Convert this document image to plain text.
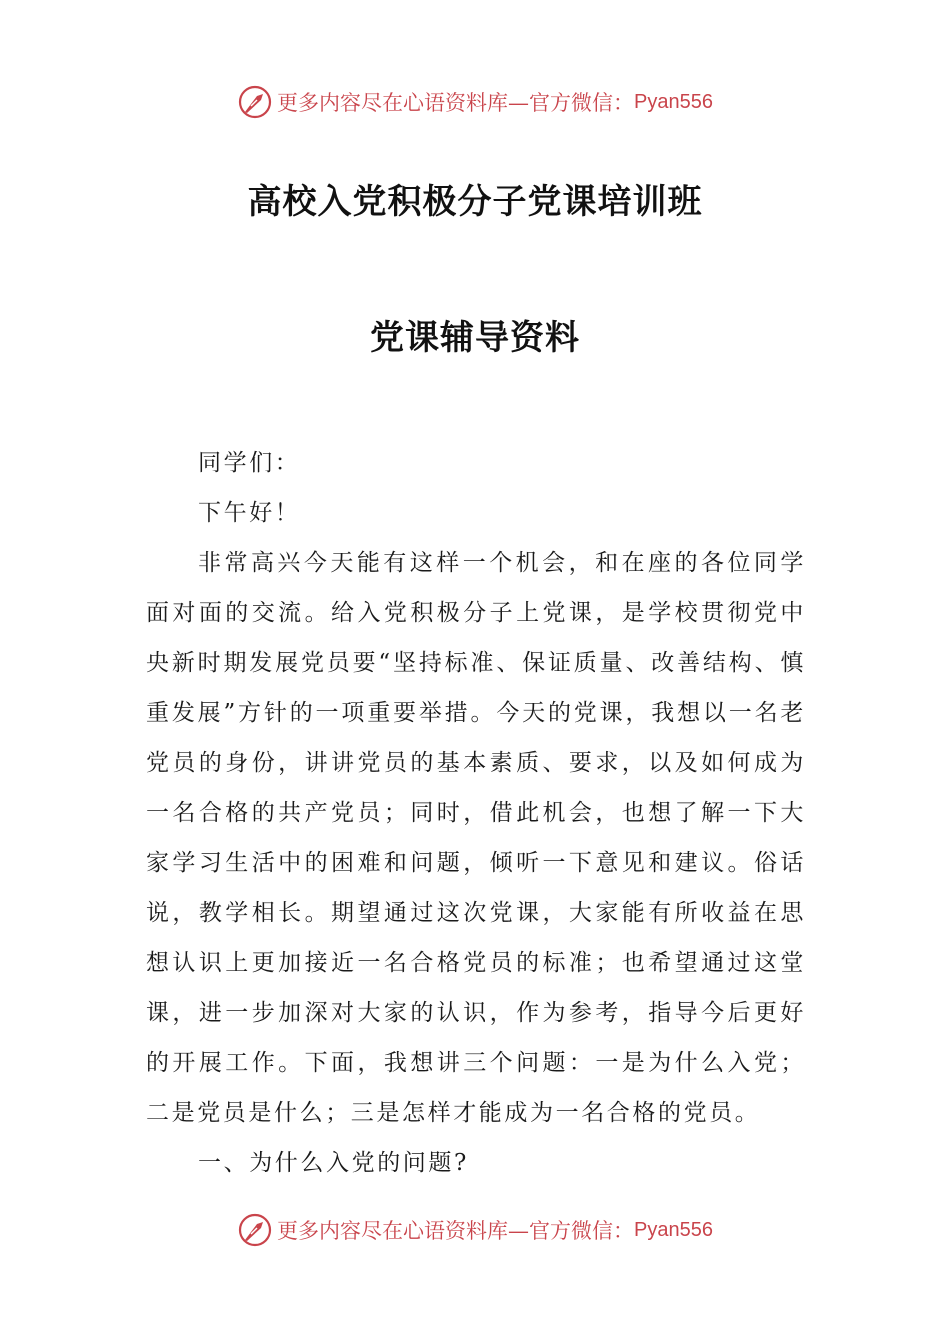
更多内容尽在心语资料库—官方微信： Pyan556
高校入党积极分子党课培训班
党课辅导资料

同学们：

下午好！

非常高兴今天能有这样一个机会，和在座的各位同学面对面的交流。给入党积极分子上党课，是学校贯彻党中央新时期发展党员要“坚持标准、保证质量、改善结构、慎重发展”方针的一项重要举措。今天的党课，我想以一名老党员的身份，讲讲党员的基本素质、要求，以及如何成为一名合格的共产党员；同时，借此机会，也想了解一下大家学习生活中的困难和问题，倾听一下意见和建议。俗话说，教学相长。期望通过这次党课，大家能有所收益在思想认识上更加接近一名合格党员的标准；也希望通过这堂课，进一步加深对大家的认识，作为参考，指导今后更好的开展工作。下面，我想讲三个问题：一是为什么入党；二是党员是什么；三是怎样才能成为一名合格的党员。

一、为什么入党的问题?

更多内容尽在心语资料库—官方微信： Pyan556
